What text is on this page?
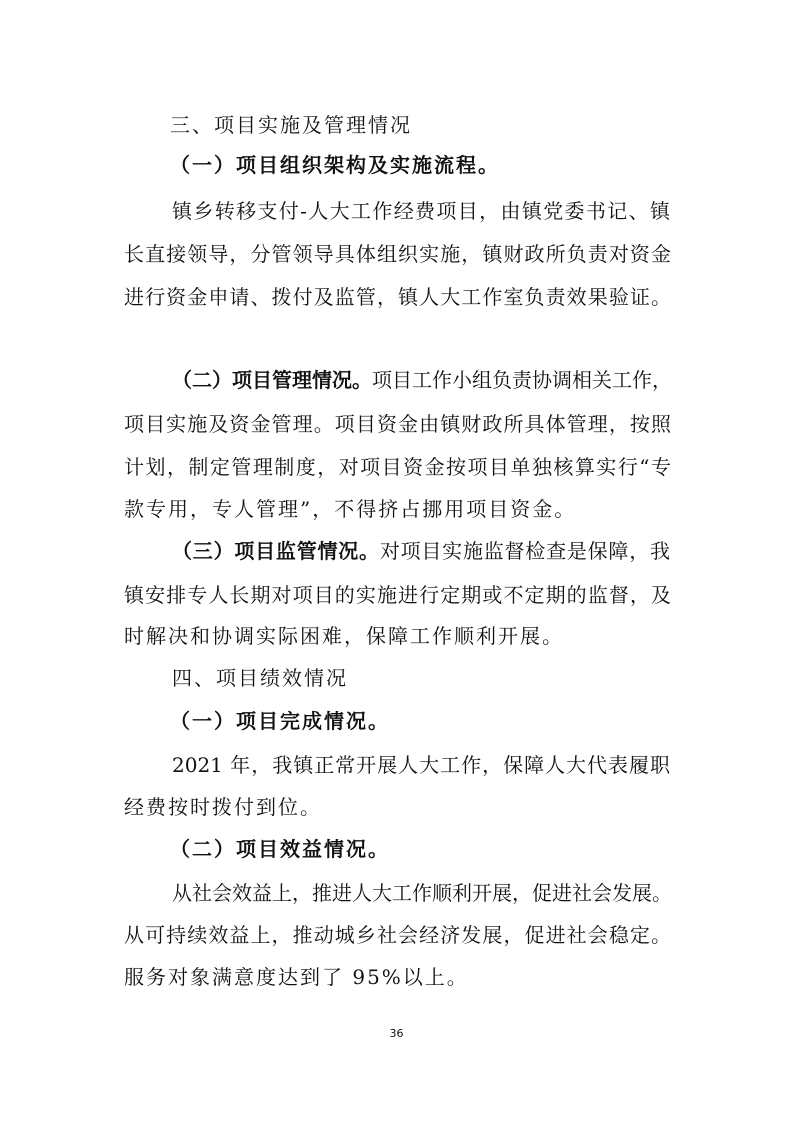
三、项目实施及管理情况
（一）项目组织架构及实施流程。
镇乡转移支付-人大工作经费项目，由镇党委书记、镇
长直接领导，分管领导具体组织实施，镇财政所负责对资金
进行资金申请、拨付及监管，镇人大工作室负责效果验证。
（二）项目管理情况。项目工作小组负责协调相关工作，
项目实施及资金管理。项目资金由镇财政所具体管理，按照
计划，制定管理制度，对项目资金按项目单独核算实行“专
款专用，专人管理”，不得挤占挪用项目资金。
（三）项目监管情况。对项目实施监督检查是保障，我
镇安排专人长期对项目的实施进行定期或不定期的监督，及
时解决和协调实际困难，保障工作顺利开展。
四、项目绩效情况
（一）项目完成情况。
2021 年，我镇正常开展人大工作，保障人大代表履职
经费按时拨付到位。
（二）项目效益情况。
从社会效益上，推进人大工作顺利开展，促进社会发展。
从可持续效益上，推动城乡社会经济发展，促进社会稳定。
服务对象满意度达到了 95%以上。
36
